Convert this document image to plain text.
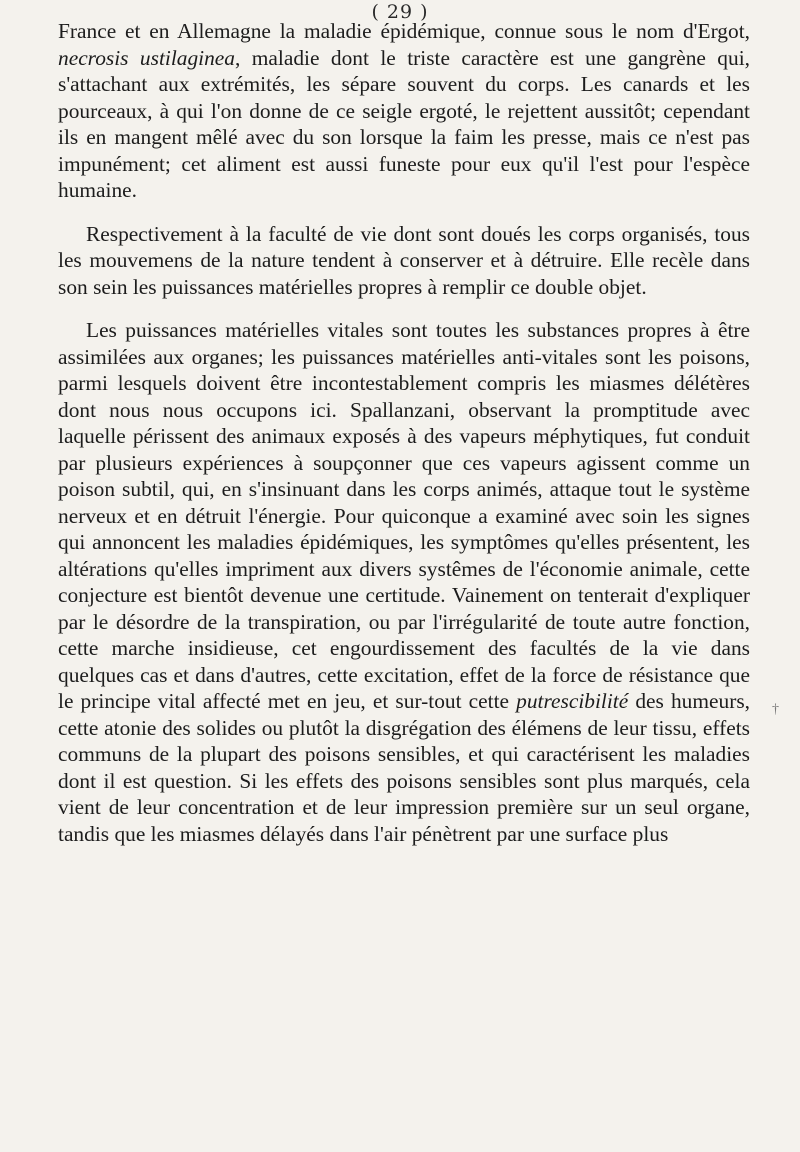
( 29 )

France et en Allemagne la maladie épidémique, connue sous le nom d'Ergot, necrosis ustilaginea, maladie dont le triste caractère est une gangrène qui, s'attachant aux extrémités, les sépare souvent du corps. Les canards et les pourceaux, à qui l'on donne de ce seigle ergoté, le rejettent aussitôt; cependant ils en mangent mêlé avec du son lorsque la faim les presse, mais ce n'est pas impunément; cet aliment est aussi funeste pour eux qu'il l'est pour l'espèce humaine.

Respectivement à la faculté de vie dont sont doués les corps organisés, tous les mouvemens de la nature tendent à conserver et à détruire. Elle recèle dans son sein les puissances matérielles propres à remplir ce double objet.

Les puissances matérielles vitales sont toutes les substances propres à être assimilées aux organes; les puissances matérielles anti-vitales sont les poisons, parmi lesquels doivent être incontestablement compris les miasmes délétères dont nous nous occupons ici. Spallanzani, observant la promptitude avec laquelle périssent des animaux exposés à des vapeurs méphytiques, fut conduit par plusieurs expériences à soupçonner que ces vapeurs agissent comme un poison subtil, qui, en s'insinuant dans les corps animés, attaque tout le système nerveux et en détruit l'énergie. Pour quiconque a examiné avec soin les signes qui annoncent les maladies épidémiques, les symptômes qu'elles présentent, les altérations qu'elles impriment aux divers systêmes de l'économie animale, cette conjecture est bientôt devenue une certitude. Vainement on tenterait d'expliquer par le désordre de la transpiration, ou par l'irrégularité de toute autre fonction, cette marche insidieuse, cet engourdissement des facultés de la vie dans quelques cas et dans d'autres, cette excitation, effet de la force de résistance que le principe vital affecté met en jeu, et sur-tout cette putrescibilité des humeurs, cette atonie des solides ou plutôt la disgrégation des élémens de leur tissu, effets communs de la plupart des poisons sensibles, et qui caractérisent les maladies dont il est question. Si les effets des poisons sensibles sont plus marqués, cela vient de leur concentration et de leur impression première sur un seul organe, tandis que les miasmes délayés dans l'air pénètrent par une surface plus

†
